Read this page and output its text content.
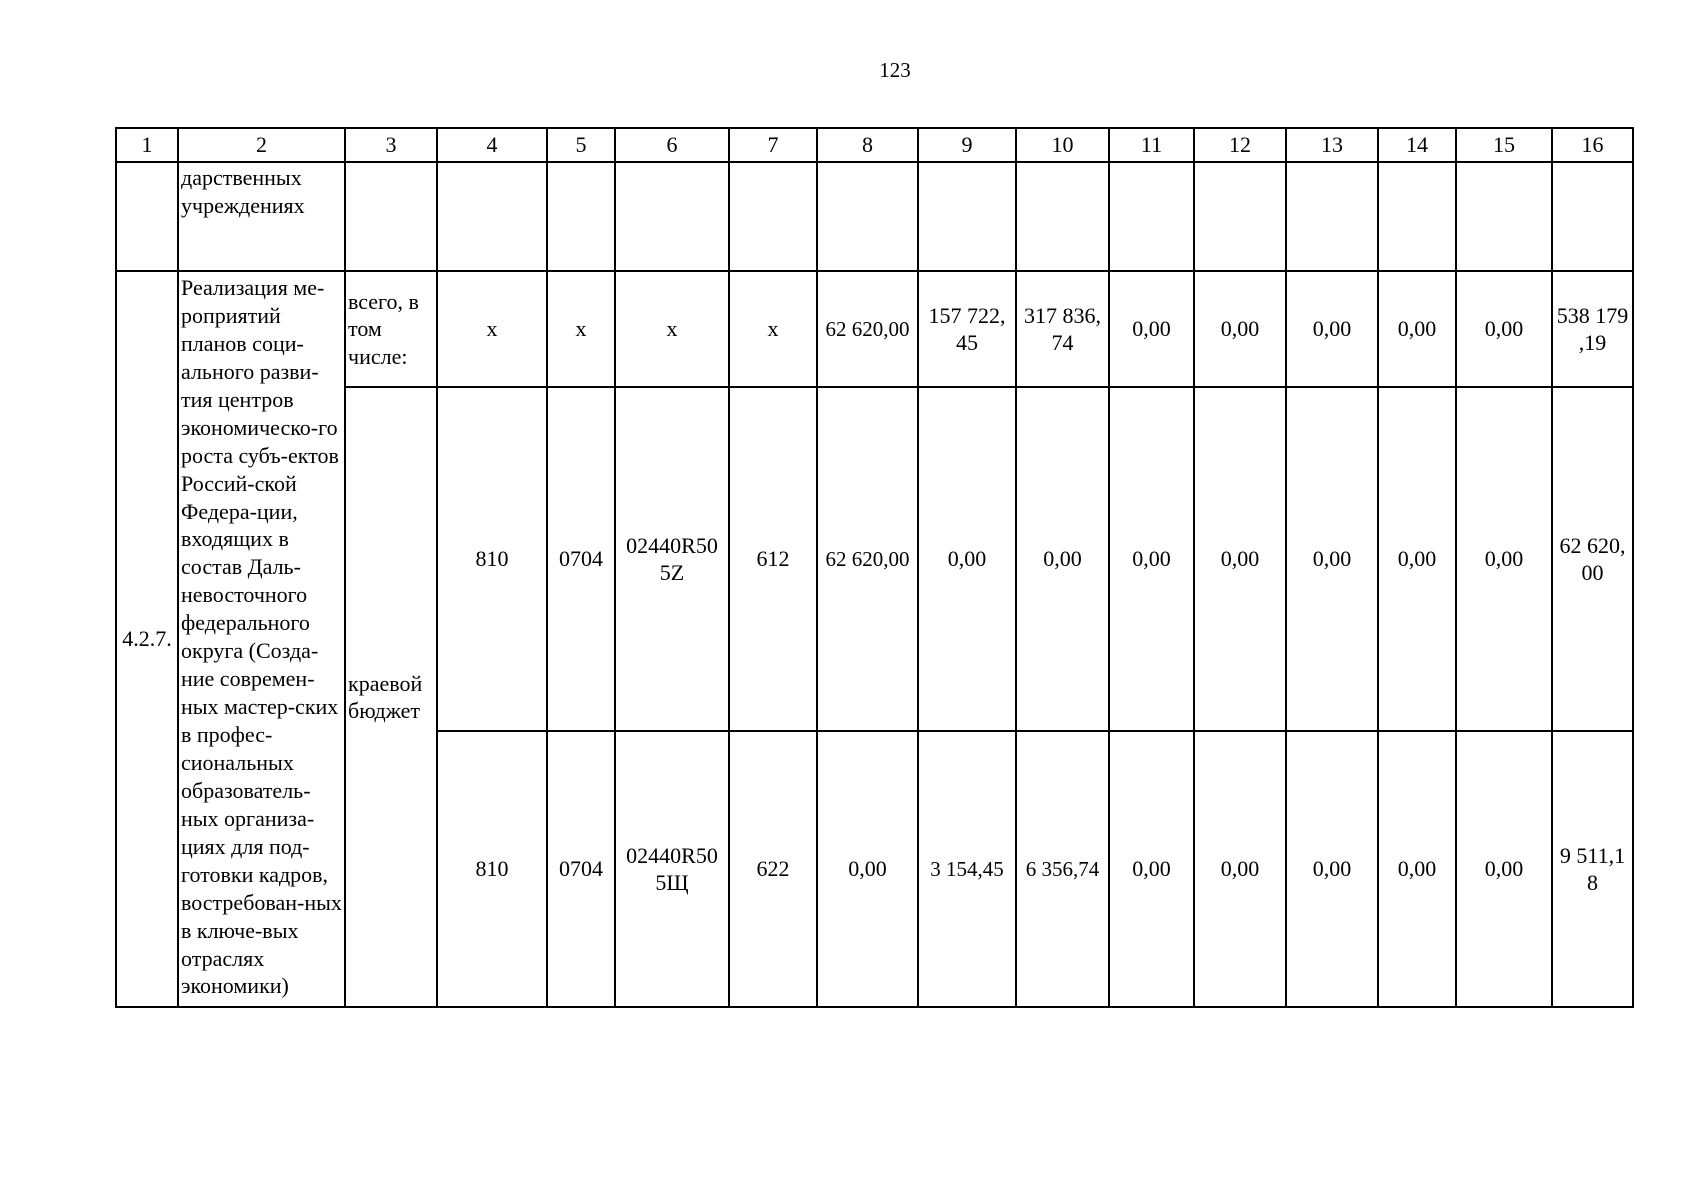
123
1	2	3	4	5	6	7	8	9	10	11	12	13	14	15	16
	дарственных учреждениях														
4.2.7.	Реализация ме-роприятий планов соци-ального разви-тия центров экономическо-го роста субъ-ектов Россий-ской Федера-ции, входящих в состав Даль-невосточного федерального округа (Созда-ние современ-ных мастер-ских в профес-сиональных образователь-ных организа-циях для под-готовки кадров, востребован-ных в ключе-вых отраслях экономики)	всего, в том числе:	x	x	x	x	62 620,00	157 722, 45	317 836, 74	0,00	0,00	0,00	0,00	0,00	538 179 ,19
		краевой бюджет	810	0704	02440R50 5Z	612	62 620,00	0,00	0,00	0,00	0,00	0,00	0,00	0,00	62 620, 00
			810	0704	02440R50 5Щ	622	0,00	3 154,45	6 356,74	0,00	0,00	0,00	0,00	0,00	9 511,1 8
